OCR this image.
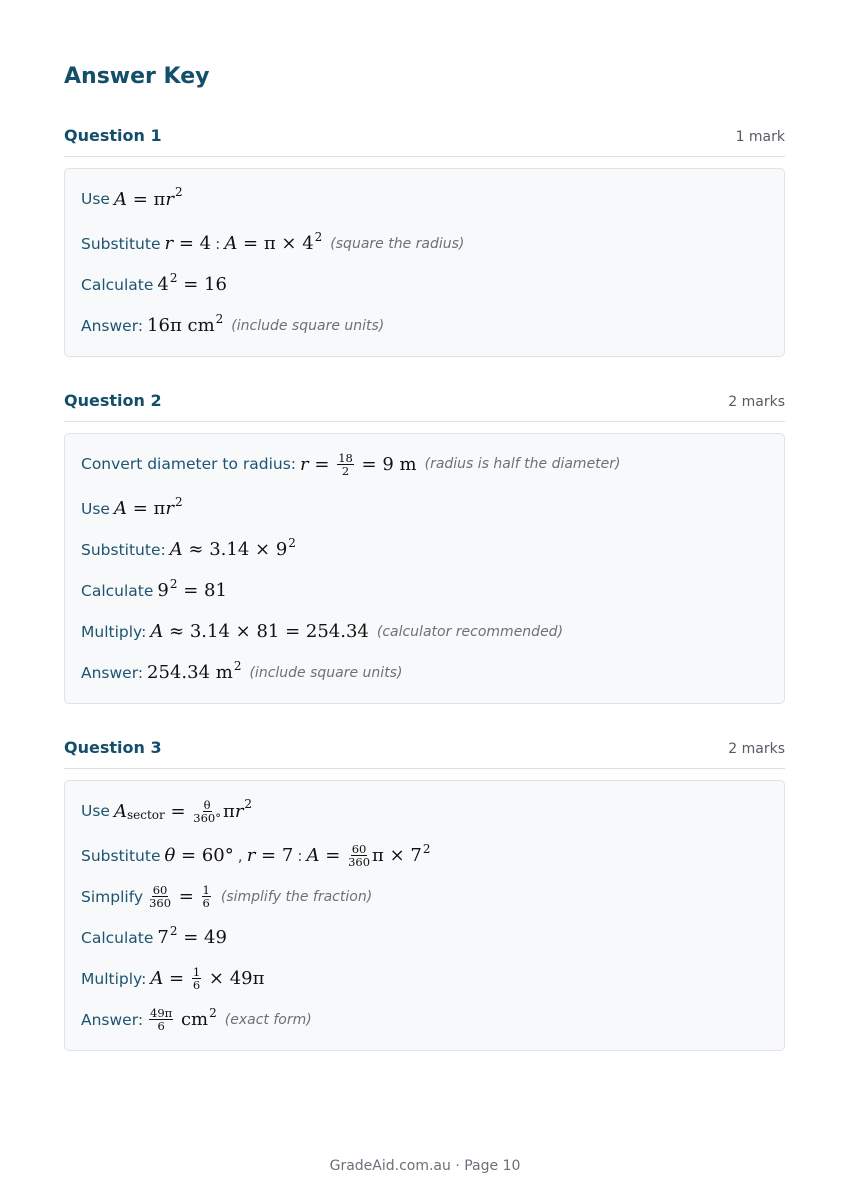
Answer Key
Question 1	1 mark
Use A = π $r^2$
Substitute r = 4 : $A = \pi \times 4^2$ (square the radius)
Calculate $4^2 = 16$
Answer: 16π $cm^2$ (include square units)
Question 2	2 marks
Convert diameter to radius: $r = \frac{18}{2} = 9$ m (radius is half the diameter)
Use A = π $r^2$
Substitute: $A \approx 3.14 \times 9^2$
Calculate $9^2 = 81$
Multiply: A ≈ 3.14 × 81 = 254.34 (calculator recommended)
Answer: 254.34 $m^2$ (include square units)
Question 3	2 marks
Use $A_{sector} = \frac{\theta}{360^\circ}$ π $r^2$
Substitute θ = 60° , r = 7 : $A = \frac{60}{360}$ $\pi \times 7^2$
Simplify $\frac{60}{360} = \frac{1}{6}$ (simplify the fraction)
Calculate $7^2 = 49$
Multiply: $A = \frac{1}{6} \times 49\pi$
Answer: $\frac{49\pi}{6} cm^2$ (exact form)
GradeAid.com.au · Page 10
